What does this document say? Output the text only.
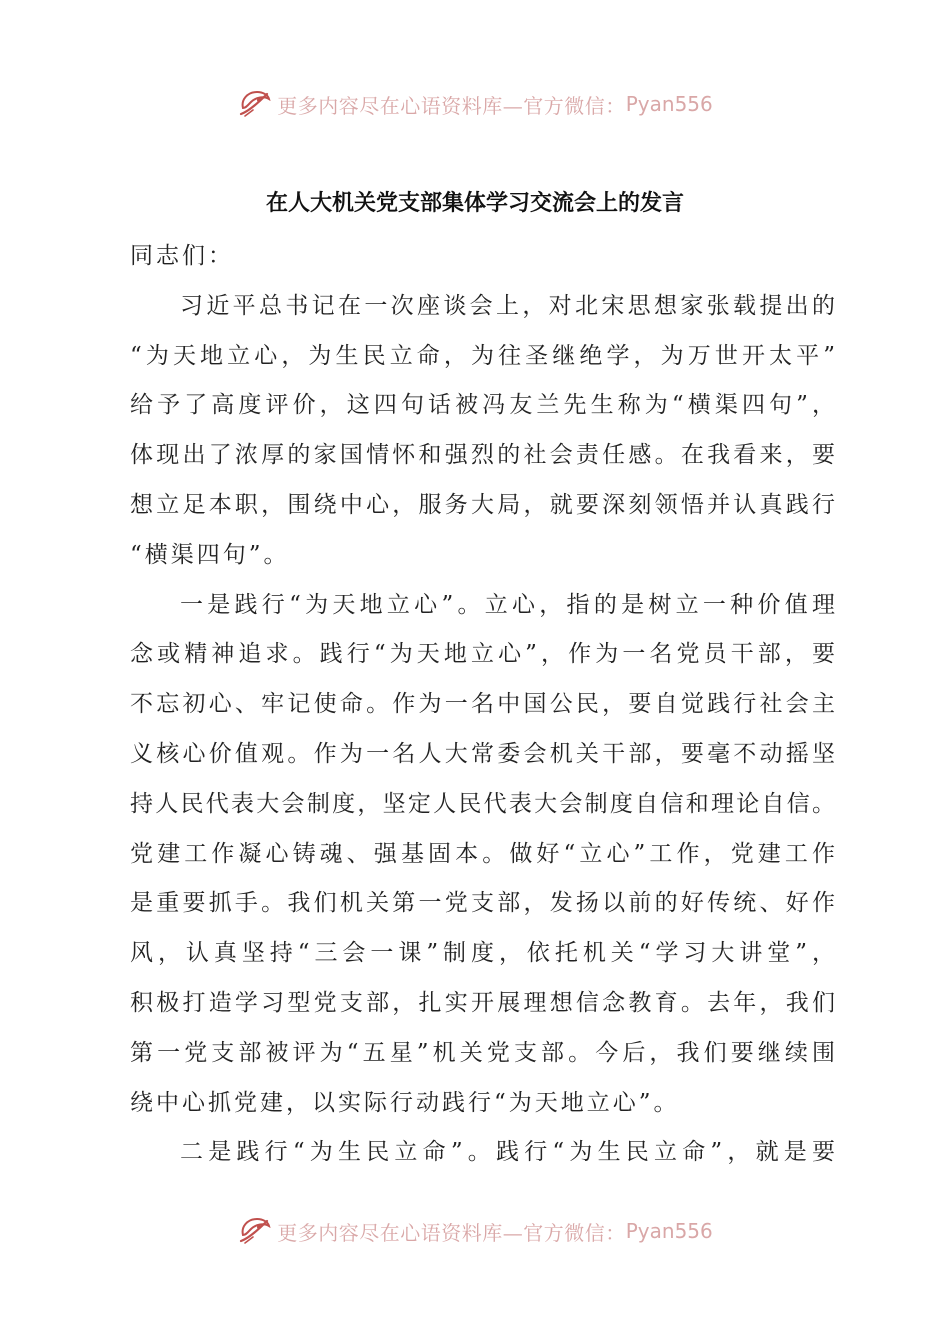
更多内容尽在心语资料库—官方微信： Pyan556
在人大机关党支部集体学习交流会上的发言
同志们：
习近平总书记在一次座谈会上，对北宋思想家张载提出的
“为天地立心，为生民立命，为往圣继绝学，为万世开太平”
给予了高度评价，这四句话被冯友兰先生称为“横渠四句”，
体现出了浓厚的家国情怀和强烈的社会责任感。在我看来，要
想立足本职，围绕中心，服务大局，就要深刻领悟并认真践行
“横渠四句”。
一是践行“为天地立心”。立心，指的是树立一种价值理
念或精神追求。践行“为天地立心”，作为一名党员干部，要
不忘初心、牢记使命。作为一名中国公民，要自觉践行社会主
义核心价值观。作为一名人大常委会机关干部，要毫不动摇坚
持人民代表大会制度，坚定人民代表大会制度自信和理论自信。
党建工作凝心铸魂、强基固本。做好“立心”工作，党建工作
是重要抓手。我们机关第一党支部，发扬以前的好传统、好作
风，认真坚持“三会一课”制度，依托机关“学习大讲堂”，
积极打造学习型党支部，扎实开展理想信念教育。去年，我们
第一党支部被评为“五星”机关党支部。今后，我们要继续围
绕中心抓党建，以实际行动践行“为天地立心”。
二是践行“为生民立命”。践行“为生民立命”，就是要
更多内容尽在心语资料库—官方微信： Pyan556
